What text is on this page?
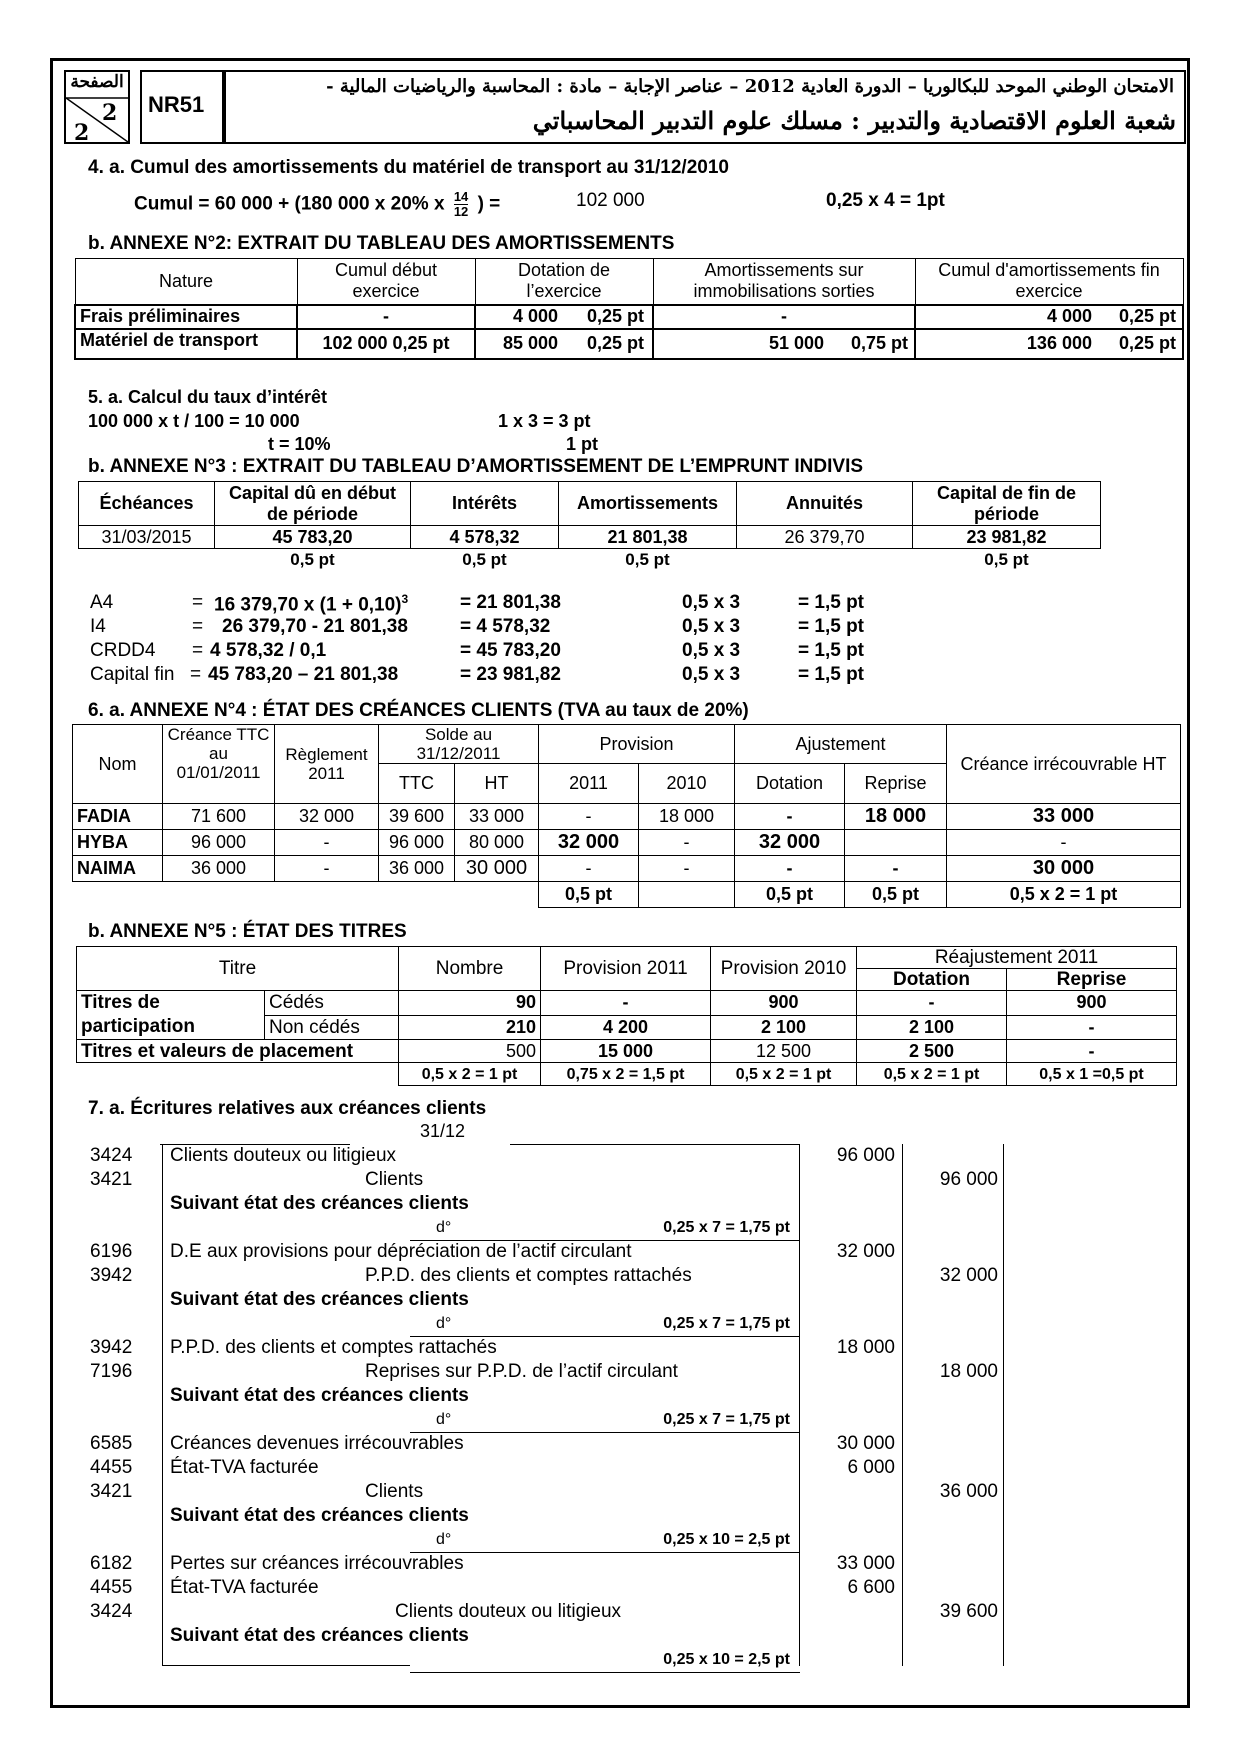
الصفحة
2
2
NR51
الامتحان الوطني الموحد للبكالوريا – الدورة العادية 2012 – عناصر الإجابة – مادة : المحاسبة والرياضيات المالية -
شعبة العلوم الاقتصادية والتدبير : مسلك علوم التدبير المحاسباتي
4. a. Cumul des amortissements du matériel de transport au 31/12/2010
Cumul = 60 000 + (180 000 x 20% x $\frac{14}{12}$ ) =	102 000	0,25 x 4 = 1pt
b. ANNEXE N°2: EXTRAIT DU TABLEAU DES AMORTISSEMENTS
Nature	Cumul début exercice	Dotation de l’exercice	Amortissements sur immobilisations sorties	Cumul d'amortissements fin exercice
Frais préliminaires	-	4 000 0,25 pt	-	4 000 0,25 pt
Matériel de transport	102 000 0,25 pt	85 000 0,25 pt	51 000 0,75 pt	136 000 0,25 pt
5. a. Calcul du taux d’intérêt
100 000 x t / 100 = 10 000	1 x 3 = 3 pt
t = 10%	1 pt
b. ANNEXE N°3 : EXTRAIT DU TABLEAU D’AMORTISSEMENT DE L’EMPRUNT INDIVIS
Échéances	Capital dû en début de période	Intérêts	Amortissements	Annuités	Capital de fin de période
31/03/2015	45 783,20	4 578,32	21 801,38	26 379,70	23 981,82
	0,5 pt	0,5 pt	0,5 pt		0,5 pt
A4	= 16 379,70 x $(1 + 0,10)^3$	= 21 801,38	0,5 x 3	= 1,5 pt
I4	= 26 379,70 - 21 801,38	= 4 578,32	0,5 x 3	= 1,5 pt
CRDD4 = 4 578,32 / 0,1	= 45 783,20	0,5 x 3	= 1,5 pt
Capital fin = 45 783,20 – 21 801,38	= 23 981,82	0,5 x 3	= 1,5 pt
6. a. ANNEXE N°4 : ÉTAT DES CRÉANCES CLIENTS (TVA au taux de 20%)
Nom	Créance TTC au 01/01/2011	Règlement 2011	Solde au 31/12/2011		Provision		Ajustement		Créance irrécouvrable HT
			TTC	HT	2011	2010	Dotation	Reprise	
FADIA	71 600	32 000	39 600	33 000	-	18 000	-	18 000	33 000
HYBA	96 000	-	96 000	80 000	32 000	-	32 000		-
NAIMA	36 000	-	36 000	30 000	-	-	-	-	30 000
					0,5 pt		0,5 pt	0,5 pt	0,5 x 2 = 1 pt
b. ANNEXE N°5 : ÉTAT DES TITRES
Titre		Nombre	Provision 2011	Provision 2010	Réajustement 2011	
					Dotation	Reprise
Titres de participation	Cédés	90	-	900	-	900
	Non cédés	210	4 200	2 100	2 100	-
Titres et valeurs de placement		500	15 000	12 500	2 500	-
		0,5 x 2 = 1 pt	0,75 x 2 = 1,5 pt	0,5 x 2 = 1 pt	0,5 x 2 = 1 pt	0,5 x 1 =0,5 pt
7. a. Écritures relatives aux créances clients
31/12
3424 Clients douteux ou litigieux	96 000
3421	Clients	96 000
Suivant état des créances clients
d°	0,25 x 7 = 1,75 pt
6196 D.E aux provisions pour dépréciation de l’actif circulant	32 000
3942	P.P.D. des clients et comptes rattachés	32 000
Suivant état des créances clients
d°	0,25 x 7 = 1,75 pt
3942 P.P.D. des clients et comptes rattachés	18 000
7196	Reprises sur P.P.D. de l’actif circulant	18 000
Suivant état des créances clients
d°	0,25 x 7 = 1,75 pt
6585 Créances devenues irrécouvrables	30 000
4455 État-TVA facturée	6 000
3421	Clients	36 000
Suivant état des créances clients
d°	0,25 x 10 = 2,5 pt
6182 Pertes sur créances irrécouvrables	33 000
4455 État-TVA facturée	6 600
3424	Clients douteux ou litigieux	39 600
Suivant état des créances clients
0,25 x 10 = 2,5 pt
